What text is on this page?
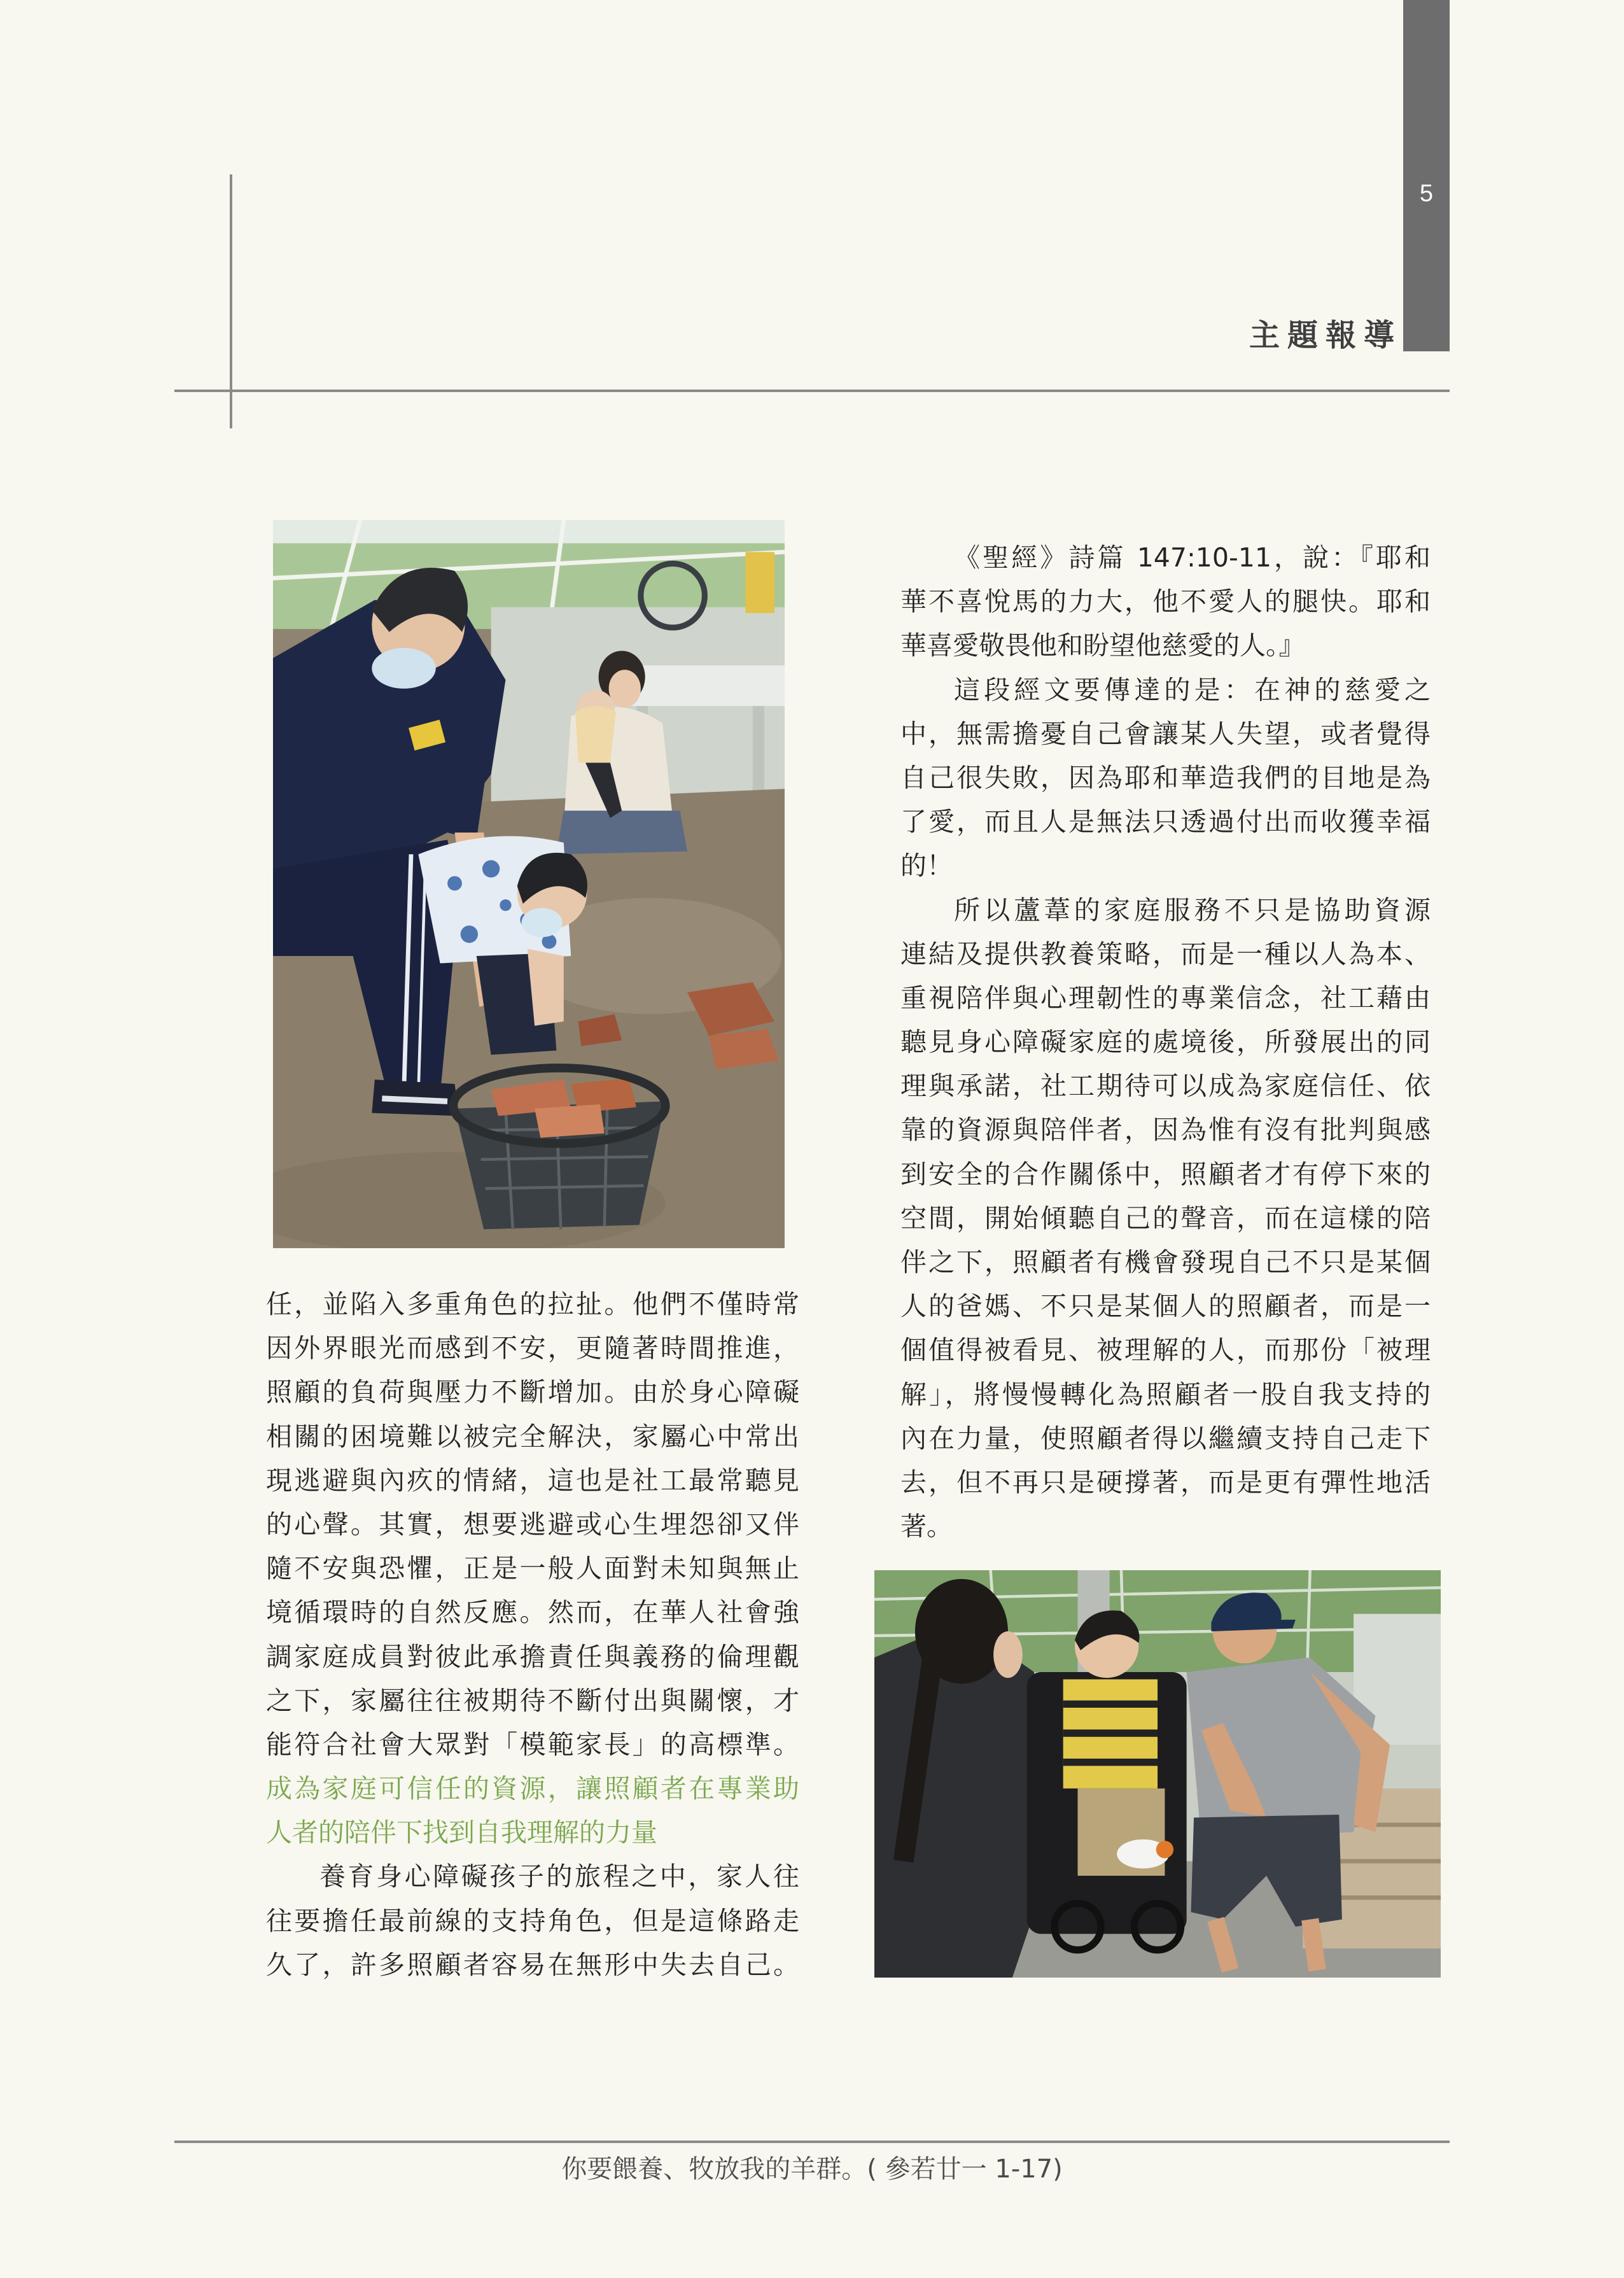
5
主題報導
任，並陷入多重角色的拉扯。他們不僅時常
因外界眼光而感到不安，更隨著時間推進，
照顧的負荷與壓力不斷增加。由於身心障礙
相關的困境難以被完全解決，家屬心中常出
現逃避與內疚的情緒，這也是社工最常聽見
的心聲。其實，想要逃避或心生埋怨卻又伴
隨不安與恐懼，正是一般人面對未知與無止
境循環時的自然反應。然而，在華人社會強
調家庭成員對彼此承擔責任與義務的倫理觀
之下，家屬往往被期待不斷付出與關懷，才
能符合社會大眾對「模範家長」的高標準。
成為家庭可信任的資源，讓照顧者在專業助
人者的陪伴下找到自我理解的力量
養育身心障礙孩子的旅程之中，家人往
往要擔任最前線的支持角色，但是這條路走
久了，許多照顧者容易在無形中失去自己。
《聖經》詩篇 147:10-11，說：『耶和
華不喜悅馬的力大，他不愛人的腿快。耶和
華喜愛敬畏他和盼望他慈愛的人。』
這段經文要傳達的是：在神的慈愛之
中，無需擔憂自己會讓某人失望，或者覺得
自己很失敗，因為耶和華造我們的目地是為
了愛，而且人是無法只透過付出而收獲幸福
的！
所以蘆葦的家庭服務不只是協助資源
連結及提供教養策略，而是一種以人為本、
重視陪伴與心理韌性的專業信念，社工藉由
聽見身心障礙家庭的處境後，所發展出的同
理與承諾，社工期待可以成為家庭信任、依
靠的資源與陪伴者，因為惟有沒有批判與感
到安全的合作關係中，照顧者才有停下來的
空間，開始傾聽自己的聲音，而在這樣的陪
伴之下，照顧者有機會發現自己不只是某個
人的爸媽、不只是某個人的照顧者，而是一
個值得被看見、被理解的人，而那份「被理
解」，將慢慢轉化為照顧者一股自我支持的
內在力量，使照顧者得以繼續支持自己走下
去，但不再只是硬撐著，而是更有彈性地活
著。
你要餵養、牧放我的羊群。( 參若廿一 1-17)
